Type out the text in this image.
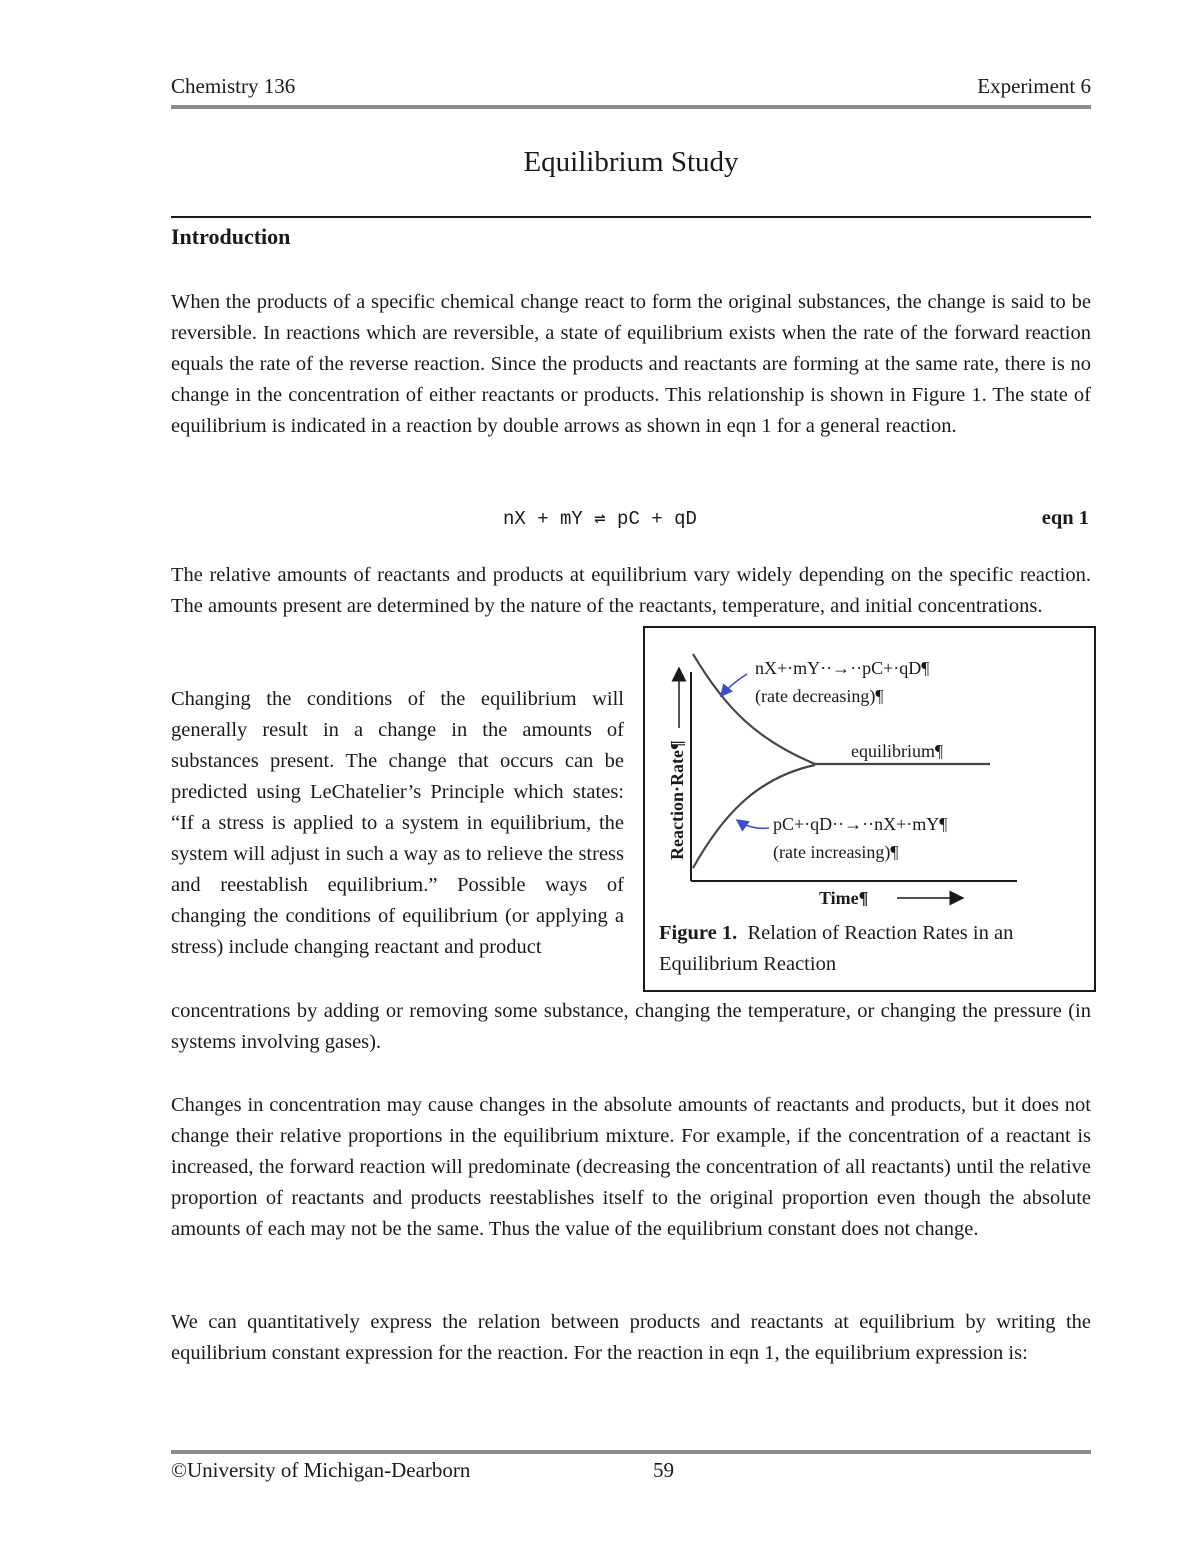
Chemistry 136	Experiment 6
Equilibrium Study
Introduction

When the products of a specific chemical change react to form the original substances, the change is said to be reversible. In reactions which are reversible, a state of equilibrium exists when the rate of the forward reaction equals the rate of the reverse reaction. Since the products and reactants are forming at the same rate, there is no change in the concentration of either reactants or products. This relationship is shown in Figure 1. The state of equilibrium is indicated in a reaction by double arrows as shown in eqn 1 for a general reaction.

nX + mY ⇌ pC + qD	eqn 1

The relative amounts of reactants and products at equilibrium vary widely depending on the specific reaction. The amounts present are determined by the nature of the reactants, temperature, and initial concentrations.

Changing the conditions of the equilibrium will generally result in a change in the amounts of substances present. The change that occurs can be predicted using LeChatelier’s Principle which states: “If a stress is applied to a system in equilibrium, the system will adjust in such a way as to relieve the stress and reestablish equilibrium.” Possible ways of changing the conditions of equilibrium (or applying a stress) include changing reactant and product

concentrations by adding or removing some substance, changing the temperature, or changing the pressure (in systems involving gases).

nX+·mY··→··pC+·qD¶
(rate decreasing)¶
equilibrium¶
pC+·qD··→··nX+·mY¶
(rate increasing)¶
Reaction·Rate¶
Time¶
Figure 1. Relation of Reaction Rates in an Equilibrium Reaction

Changes in concentration may cause changes in the absolute amounts of reactants and products, but it does not change their relative proportions in the equilibrium mixture. For example, if the concentration of a reactant is increased, the forward reaction will predominate (decreasing the concentration of all reactants) until the relative proportion of reactants and products reestablishes itself to the original proportion even though the absolute amounts of each may not be the same. Thus the value of the equilibrium constant does not change.

We can quantitatively express the relation between products and reactants at equilibrium by writing the equilibrium constant expression for the reaction. For the reaction in eqn 1, the equilibrium expression is:

©University of Michigan-Dearborn	59
